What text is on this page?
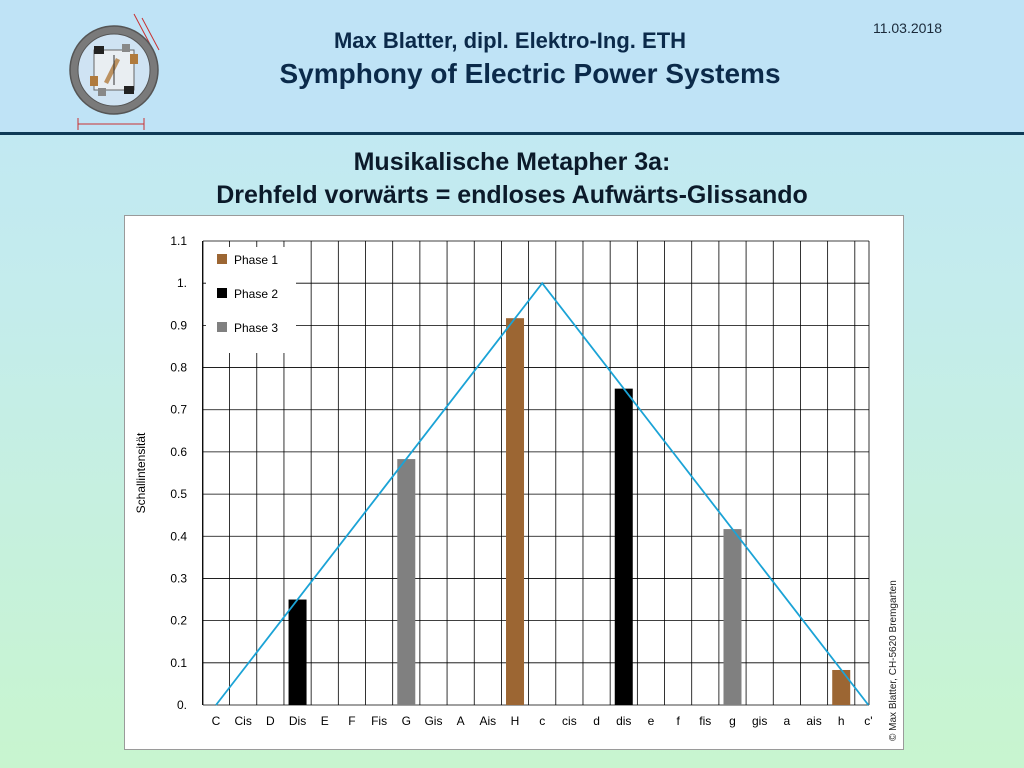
11.03.2018
Max Blatter, dipl. Elektro-Ing. ETH
Symphony of Electric Power Systems
Musikalische Metapher 3a:
Drehfeld vorwärts = endloses Aufwärts-Glissando
0.
0.1
0.2
0.3
0.4
0.5
0.6
0.7
0.8
0.9
1.
1.1
C Cis D Dis E F Fis G Gis A Ais H c cis d dis e f fis g gis a ais h c'
Schallintensität
Phase 1
Phase 2
Phase 3
© Max Blatter, CH-5620 Bremgarten
